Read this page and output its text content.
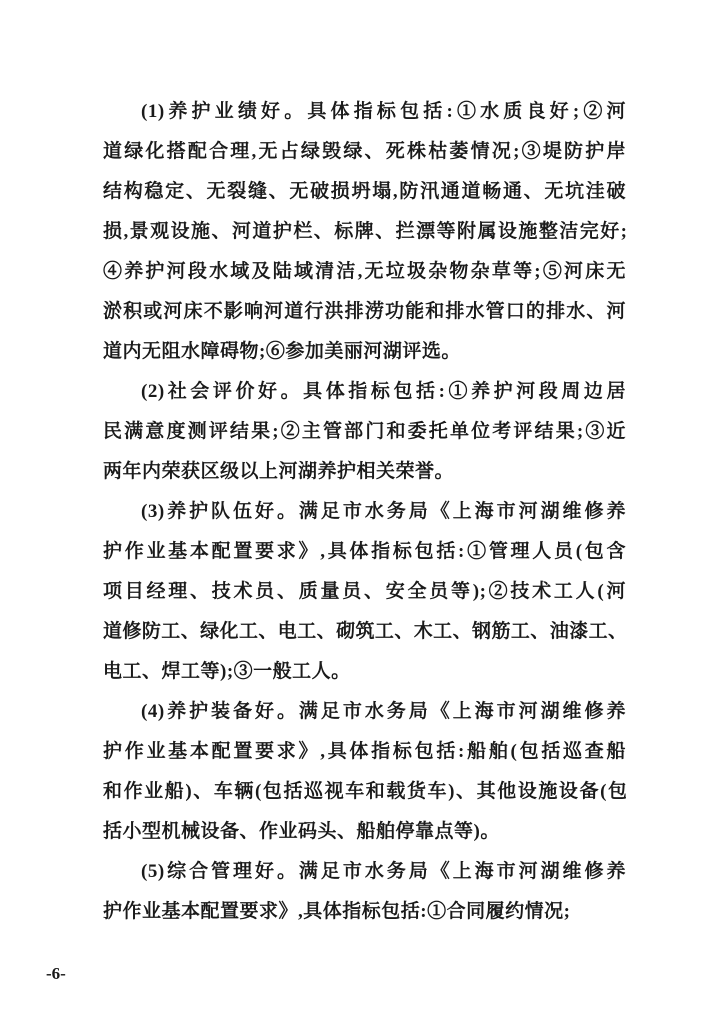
(1)养护业绩好。具体指标包括:①水质良好;②河
道绿化搭配合理,无占绿毁绿、死株枯萎情况;③堤防护岸
结构稳定、无裂缝、无破损坍塌,防汛通道畅通、无坑洼破
损,景观设施、河道护栏、标牌、拦漂等附属设施整洁完好;
④养护河段水域及陆域清洁,无垃圾杂物杂草等;⑤河床无
淤积或河床不影响河道行洪排涝功能和排水管口的排水、河
道内无阻水障碍物;⑥参加美丽河湖评选。
(2)社会评价好。具体指标包括:①养护河段周边居
民满意度测评结果;②主管部门和委托单位考评结果;③近
两年内荣获区级以上河湖养护相关荣誉。
(3)养护队伍好。满足市水务局《上海市河湖维修养
护作业基本配置要求》,具体指标包括:①管理人员(包含
项目经理、技术员、质量员、安全员等);②技术工人(河
道修防工、绿化工、电工、砌筑工、木工、钢筋工、油漆工、
电工、焊工等);③一般工人。
(4)养护装备好。满足市水务局《上海市河湖维修养
护作业基本配置要求》,具体指标包括:船舶(包括巡查船
和作业船)、车辆(包括巡视车和载货车)、其他设施设备(包
括小型机械设备、作业码头、船舶停靠点等)。
(5)综合管理好。满足市水务局《上海市河湖维修养
护作业基本配置要求》,具体指标包括:①合同履约情况;
-6-
